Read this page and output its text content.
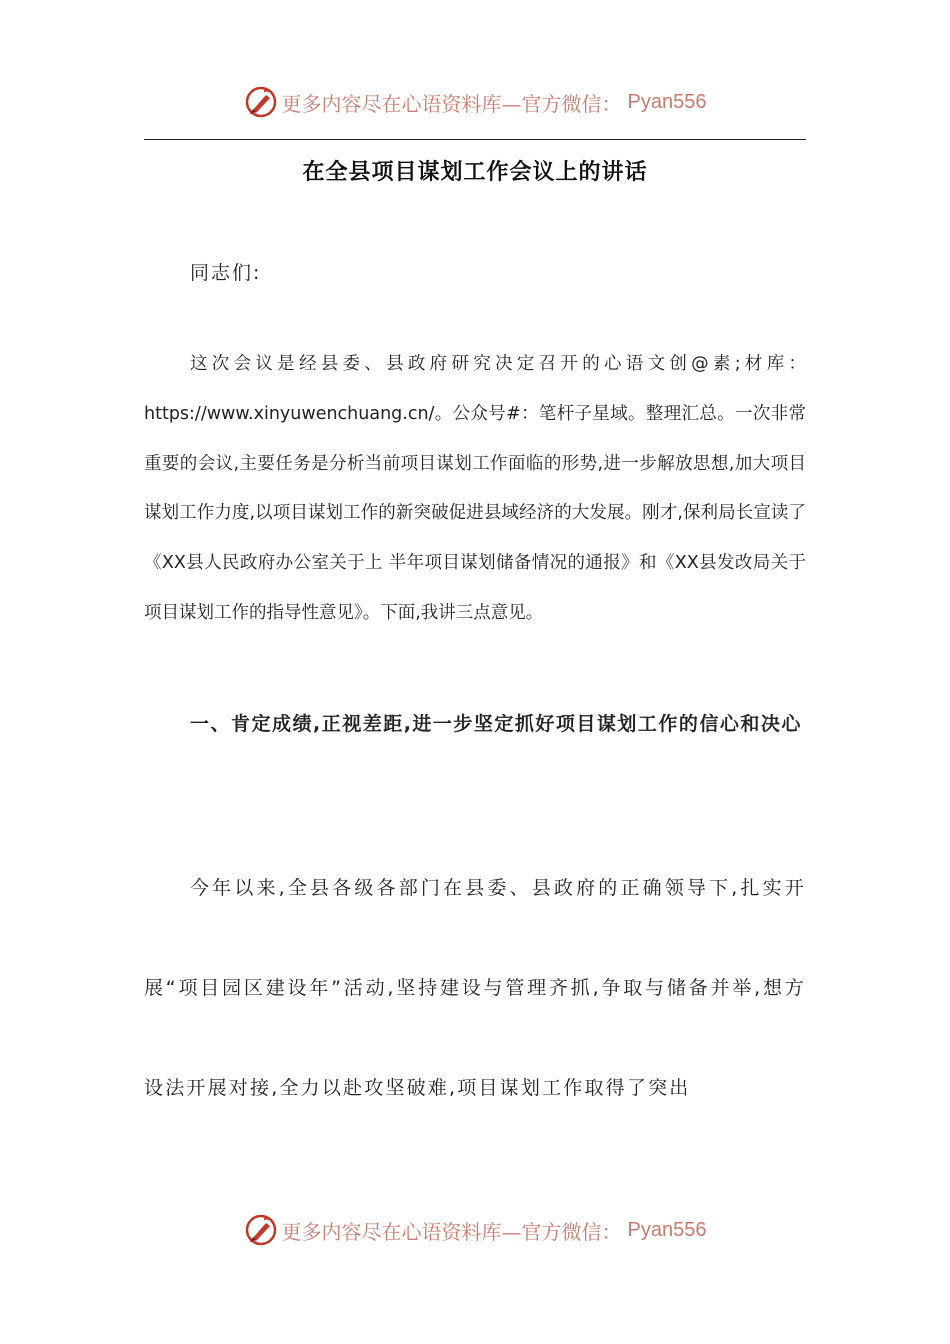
更多内容尽在心语资料库—官方微信： Pyan556
在全县项目谋划工作会议上的讲话
同志们:
这次会议是经县委、县政府研究决定召开的心语文创@素;材库：https://www.xinyuwenchuang.cn/。公众号#：笔杆子星域。整理汇总。一次非常重要的会议,主要任务是分析当前项目谋划工作面临的形势,进一步解放思想,加大项目谋划工作力度,以项目谋划工作的新突破促进县域经济的大发展。刚才,保利局长宣读了《XX县人民政府办公室关于上 半年项目谋划储备情况的通报》和《XX县发改局关于项目谋划工作的指导性意见》。下面,我讲三点意见。
一、肯定成绩,正视差距,进一步坚定抓好项目谋划工作的信心和决心
今年以来,全县各级各部门在县委、县政府的正确领导下,扎实开展“项目园区建设年”活动,坚持建设与管理齐抓,争取与储备并举,想方设法开展对接,全力以赴攻坚破难,项目谋划工作取得了突出
更多内容尽在心语资料库—官方微信： Pyan556
